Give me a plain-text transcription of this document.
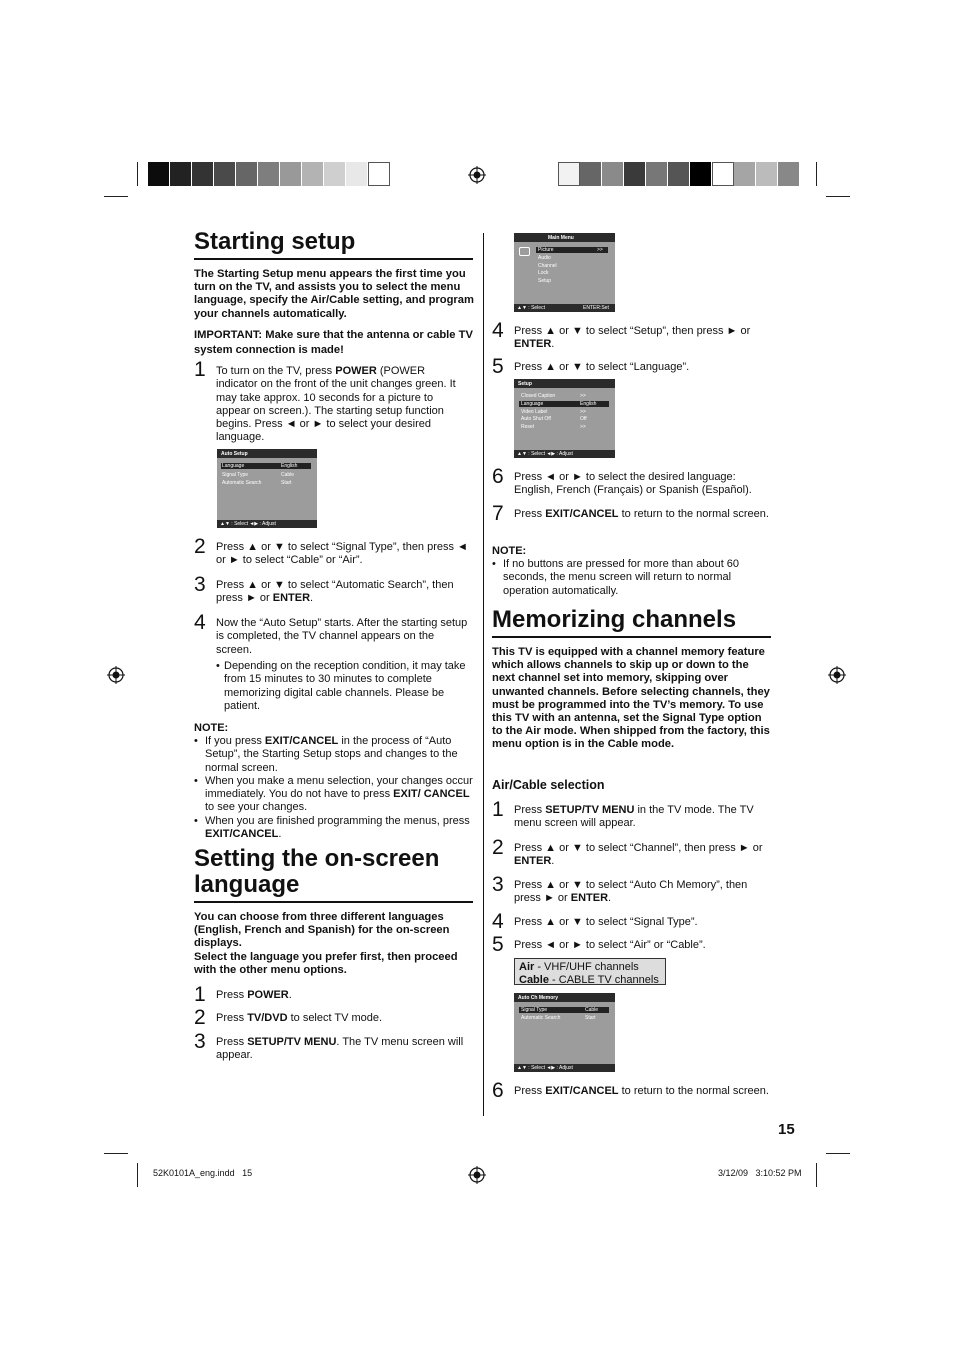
Starting setup
The Starting Setup menu appears the first time you turn on the TV, and assists you to select the menu language, specify the Air/Cable setting, and program your channels automatically.
IMPORTANT: Make sure that the antenna or cable TV system connection is made!
1 To turn on the TV, press POWER (POWER indicator on the front of the unit changes green. It may take approx. 10 seconds for a picture to appear on screen.). The starting setup function begins. Press ◄ or ► to select your desired language.
Auto Setup
Language	English
Signal Type	Cable
Automatic Search	Start
▲▼ : Select ◄▶ : Adjust
2 Press ▲ or ▼ to select “Signal Type”, then press ◄ or ► to select “Cable” or “Air”.
3 Press ▲ or ▼ to select “Automatic Search”, then press ► or ENTER.
4 Now the “Auto Setup” starts. After the starting setup is completed, the TV channel appears on the screen.
• Depending on the reception condition, it may take from 15 minutes to 30 minutes to complete memorizing digital cable channels. Please be patient.
NOTE:
• If you press EXIT/CANCEL in the process of “Auto Setup”, the Starting Setup stops and changes to the normal screen.
• When you make a menu selection, your changes occur immediately. You do not have to press EXIT/ CANCEL to see your changes.
• When you are finished programming the menus, press EXIT/CANCEL.
Setting the on-screen
language
You can choose from three different languages (English, French and Spanish) for the on-screen displays.
Select the language you prefer first, then proceed with the other menu options.
1 Press POWER.
2 Press TV/DVD to select TV mode.
3 Press SETUP/TV MENU. The TV menu screen will appear.
Main Menu
Picture	>>
Audio
Channel
Lock
Setup
▲▼ : Select	ENTER:Set
4 Press ▲ or ▼ to select “Setup”, then press ► or ENTER.
5 Press ▲ or ▼ to select “Language”.
Setup
Closed Caption	>>
Language	English
Video Label	>>
Auto Shut Off	Off
Reset	>>
▲▼ : Select ◄▶ : Adjust
6 Press ◄ or ► to select the desired language: English, French (Français) or Spanish (Español).
7 Press EXIT/CANCEL to return to the normal screen.
NOTE:
• If no buttons are pressed for more than about 60 seconds, the menu screen will return to normal operation automatically.
Memorizing channels
This TV is equipped with a channel memory feature which allows channels to skip up or down to the next channel set into memory, skipping over unwanted channels. Before selecting channels, they must be programmed into the TV’s memory. To use this TV with an antenna, set the Signal Type option to the Air mode. When shipped from the factory, this menu option is in the Cable mode.
Air/Cable selection
1 Press SETUP/TV MENU in the TV mode. The TV menu screen will appear.
2 Press ▲ or ▼ to select “Channel”, then press ► or ENTER.
3 Press ▲ or ▼ to select “Auto Ch Memory”, then press ► or ENTER.
4 Press ▲ or ▼ to select “Signal Type”.
5 Press ◄ or ► to select “Air” or “Cable”.
Air - VHF/UHF channels
Cable - CABLE TV channels
Auto Ch Memory
Signal Type	Cable
Automatic Search	Start
▲▼ : Select ◄▶ : Adjust
6 Press EXIT/CANCEL to return to the normal screen.
15
52K0101A_eng.indd   15	3/12/09   3:10:52 PM
